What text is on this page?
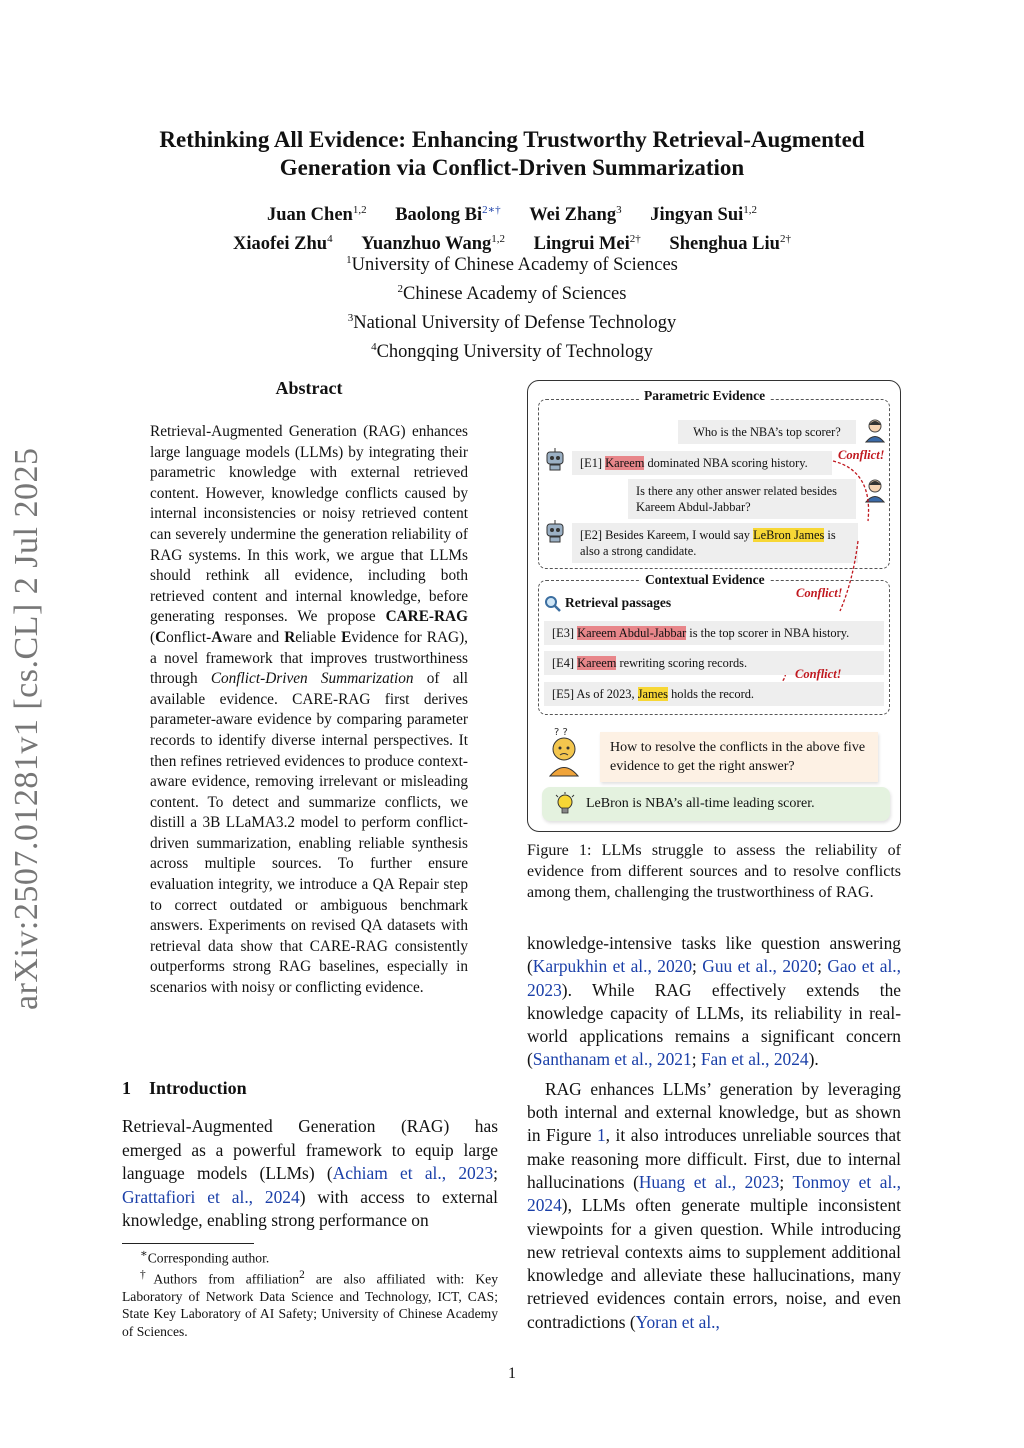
Rethinking All Evidence: Enhancing Trustworthy Retrieval-Augmented
Generation via Conflict-Driven Summarization
Juan Chen$^{1,2}$ Baolong $Bi^{2∗\dagger}$ Wei Zhang$^3$ Jingyan Sui$^{1,2}$
Xiaofei Zhu$^4$ Yuanzhuo Wang$^{1,2}$ Lingrui Mei$^{2\dagger}$ Shenghua Liu$^{2\dagger}$
$^1$University of Chinese Academy of Sciences
$^2$Chinese Academy of Sciences
$^3$National University of Defense Technology
$^4$Chongqing University of Technology
arXiv:2507.01281v1 [cs.CL] 2 Jul 2025
Abstract
Retrieval-Augmented Generation (RAG) enhances large language models (LLMs) by integrating their parametric knowledge with external retrieved content. However, knowledge conflicts caused by internal inconsistencies or noisy retrieved content can severely undermine the generation reliability of RAG systems. In this work, we argue that LLMs should rethink all evidence, including both retrieved content and internal knowledge, before generating responses. We propose CARE-RAG (Conflict-Aware and Reliable Evidence for RAG), a novel framework that improves trustworthiness through Conflict-Driven Summarization of all available evidence. CARE-RAG first derives parameter-aware evidence by comparing parameter records to identify diverse internal perspectives. It then refines retrieved evidences to produce context-aware evidence, removing irrelevant or misleading content. To detect and summarize conflicts, we distill a 3B LLaMA3.2 model to perform conflict-driven summarization, enabling reliable synthesis across multiple sources. To further ensure evaluation integrity, we introduce a QA Repair step to correct outdated or ambiguous benchmark answers. Experiments on revised QA datasets with retrieval data show that CARE-RAG consistently outperforms strong RAG baselines, especially in scenarios with noisy or conflicting evidence.
1 Introduction
Retrieval-Augmented Generation (RAG) has emerged as a powerful framework to equip large language models (LLMs) (Achiam et al., 2023; Grattafiori et al., 2024) with access to external knowledge, enabling strong performance on

∗Corresponding author.

†Authors from affiliation$^2$ are also affiliated with: Key Laboratory of Network Data Science and Technology, ICT, CAS; State Key Laboratory of AI Safety; University of Chinese Academy of Sciences.

Parametric Evidence
Who is the NBA’s top scorer?
[E1] Kareem dominated NBA scoring history.
Conflict!
Is there any other answer related besides Kareem Abdul-Jabbar?
[E2] Besides Kareem, I would say LeBron James is also a strong candidate.
Contextual Evidence
Conflict!
Retrieval passages
[E3] Kareem Abdul-Jabbar is the top scorer in NBA history.
[E4] Kareem rewriting scoring records.
Conflict!
[E5] As of 2023, James holds the record.
? ?
How to resolve the conflicts in the above five evidence to get the right answer?
LeBron is NBA’s all-time leading scorer.
Figure 1: LLMs struggle to assess the reliability of evidence from different sources and to resolve conflicts among them, challenging the trustworthiness of RAG.

knowledge-intensive tasks like question answering (Karpukhin et al., 2020; Guu et al., 2020; Gao et al., 2023). While RAG effectively extends the knowledge capacity of LLMs, its reliability in real-world applications remains a significant concern (Santhanam et al., 2021; Fan et al., 2024).

RAG enhances LLMs’ generation by leveraging both internal and external knowledge, but as shown in Figure 1, it also introduces unreliable sources that make reasoning more difficult. First, due to internal hallucinations (Huang et al., 2023; Tonmoy et al., 2024), LLMs often generate multiple inconsistent viewpoints for a given question. While introducing new retrieval contexts aims to supplement additional knowledge and alleviate these hallucinations, many retrieved evidences contain errors, noise, and even contradictions (Yoran et al.,

1
